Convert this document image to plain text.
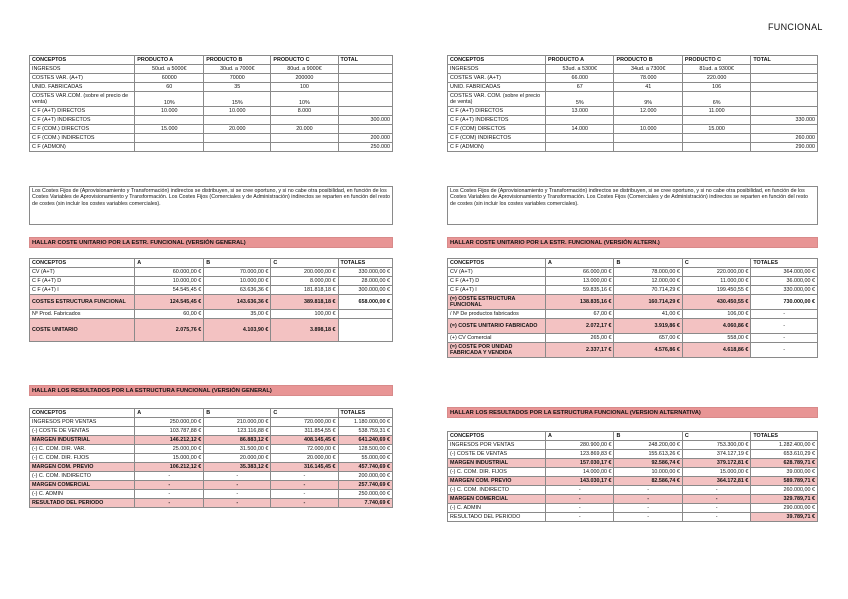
FUNCIONAL
CONCEPTOS	PRODUCTO A	PRODUCTO B	PRODUCTO C	TOTAL
INGRESOS	50ud. a 5000€	30ud. a 7000€	80ud. a 9000€	
COSTES VAR. (A+T)	60000	70000	200000	
UNID. FABRICADAS	60	35	100	
COSTES VAR.COM. (sobre el precio de venta)	10%	15%	10%	
C F (A+T) DIRECTOS	10.000	10.000	8.000	
C F (A+T) INDIRECTOS				300.000
C F (COM.) DIRECTOS	15.000	20.000	20.000	
C F (COM.) INDIRECTOS				200.000
C F (ADMON)				250.000
Los Costes Fijos de (Aprovisionamiento y Transformación) indirectos se distribuyen, si se cree oportuno, y si no cabe otra posibilidad, en función de los Costes Variables de Aprovisionamiento y Transformación. Los Costes Fijos (Comerciales y de Administración) indirectos se reparten en función del resto de costes (sin incluir los costes variables comerciales).
HALLAR COSTE UNITARIO POR LA ESTR. FUNCIONAL (VERSIÓN GENERAL)
CONCEPTOS	A	B	C	TOTALES
CV (A+T)	60.000,00 €	70.000,00 €	200.000,00 €	330.000,00 €
C F (A+T) D	10.000,00 €	10.000,00 €	8.000,00 €	28.000,00 €
C F (A+T) I	54.545,45 €	63.636,36 €	181.818,18 €	300.000,00 €
COSTES ESTRUCTURA FUNCIONAL	124.545,45 €	143.636,36 €	389.818,18 €	658.000,00 €
Nº Prod. Fabricados	60,00 €	35,00 €	100,00 €	
COSTE UNITARIO	2.075,76 €	4.103,90 €	3.898,18 €	
HALLAR LOS RESULTADOS POR LA ESTRUCTURA FUNCIONAL (VERSIÓN GENERAL)
CONCEPTOS	A	B	C	TOTALES
INGRESOS POR VENTAS	250.000,00 €	210.000,00 €	720.000,00 €	1.180.000,00 €
(-) COSTE DE VENTAS	103.787,88 €	123.116,88 €	311.854,55 €	538.759,31 €
MARGEN INDUSTRIAL	146.212,12 €	86.883,12 €	408.145,45 €	641.240,69 €
(-) C. COM. DIR. VAR.	25.000,00 €	31.500,00 €	72.000,00 €	128.500,00 €
(-) C. COM. DIR. FIJOS	15.000,00 €	20.000,00 €	20.000,00 €	55.000,00 €
MARGEN COM. PREVIO	106.212,12 €	35.383,12 €	316.145,45 €	457.740,69 €
(-) C. COM. INDIRECTO	-	-	-	200.000,00 €
MARGEN COMERCIAL	-	-	-	257.740,69 €
(-) C. ADMIN	-	-	-	250.000,00 €
RESULTADO DEL PERIODO	-	-	-	7.740,69 €
CONCEPTOS	PRODUCTO A	PRODUCTO B	PRODUCTO C	TOTAL
INGRESOS	53ud. a 5300€	34ud. a 7300€	81ud. a 9300€	
COSTES VAR. (A+T)	66.000	78.000	220.000	
UNID. FABRICADAS	67	41	106	
COSTES VAR. COM. (sobre el precio de venta)	5%	9%	6%	
C F (A+T) DIRECTOS	13.000	12.000	11.000	
C F (A+T) INDIRECTOS				330.000
C F (COM) DIRECTOS	14.000	10.000	15.000	
C F (COM) INDIRECTOS				260.000
C F (ADMON)				290.000
Los Costes Fijos de (Aprovisionamiento y Transformación) indirectos se distribuyen, si se cree oportuno, y si no cabe otra posibilidad, en función de los Costes Variables de Aprovisionamiento y Transformación. Los Costes Fijos (Comerciales y de Administración) indirectos se reparten en función del resto de costes (sin incluir los costes variables comerciales).
HALLAR COSTE UNITARIO POR LA ESTR. FUNCIONAL (VERSIÓN ALTERN.)
CONCEPTOS	A	B	C	TOTALES
CV (A+T)	66.000,00 €	78.000,00 €	220.000,00 €	364.000,00 €
C F (A+T) D	13.000,00 €	12.000,00 €	11.000,00 €	36.000,00 €
C F (A+T) I	59.835,16 €	70.714,29 €	199.450,55 €	330.000,00 €
(=) COSTE ESTRUCTURA FUNCIONAL	138.835,16 €	160.714,29 €	430.450,55 €	730.000,00 €
/ Nº De productos fabricados	67,00 €	41,00 €	106,00 €	-
(=) COSTE UNITARIO FABRICADO	2.072,17 €	3.919,86 €	4.060,86 €	-
(+) CV Comercial	265,00 €	657,00 €	558,00 €	-
(=) COSTE POR UNIDAD FABRICADA Y VENDIDA	2.337,17 €	4.576,86 €	4.618,86 €	-
HALLAR LOS RESULTADOS POR LA ESTRUCTURA FUNCIONAL (VERSION ALTERNATIVA)
CONCEPTOS	A	B	C	TOTALES
INGRESOS POR VENTAS	280.900,00 €	248.200,00 €	753.300,00 €	1.282.400,00 €
(-) COSTE DE VENTAS	123.869,83 €	155.613,26 €	374.127,19 €	653.610,29 €
MARGEN INDUSTRIAL	157.030,17 €	92.586,74 €	379.172,81 €	628.789,71 €
(-) C. COM. DIR. FIJOS	14.000,00 €	10.000,00 €	15.000,00 €	39.000,00 €
MARGEN COM. PREVIO	143.030,17 €	82.586,74 €	364.172,81 €	589.789,71 €
(-) C. COM. INDIRECTO	-	-	-	260.000,00 €
MARGEN COMERCIAL	-	-	-	329.789,71 €
(-) C. ADMIN	-	-	-	290.000,00 €
RESULTADO DEL PERIODO	-	-	-	39.789,71 €
